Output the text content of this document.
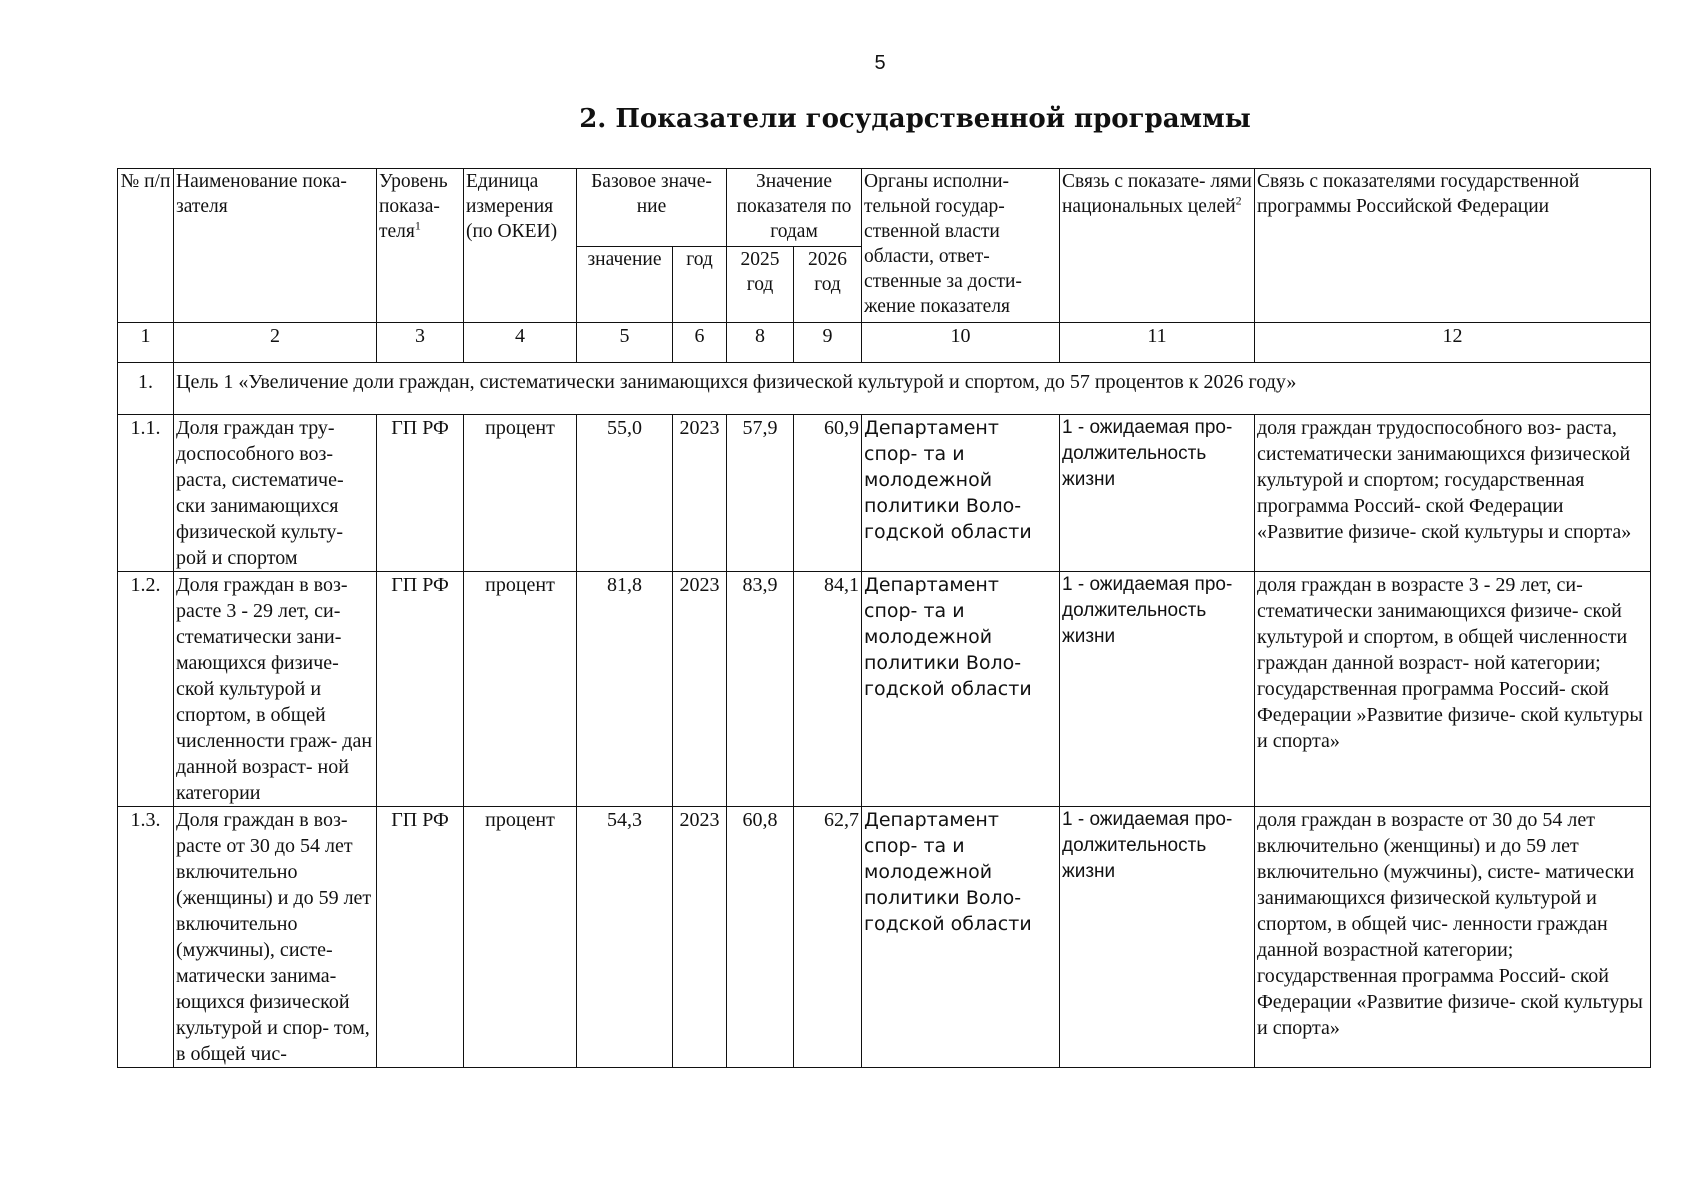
5
2. Показатели государственной программы
№ п/п	Наименование пока- зателя	Уровень показа- теля$^1$	Единица измерения (по ОКЕИ)	Базовое значе- ние		Значение показателя по годам		Органы исполни- тельной государ- ственной власти области, ответ- ственные за дости- жение показателя	Связь с показате- лями национальных целей$^2$	Связь с показателями государственной программы Российской Федерации
				значение	год	2025 год	2026 год			
1	2	3	4	5	6	8	9	10	11	12
1.	Цель 1 «Увеличение доли граждан, систематически занимающихся физической культурой и спортом, до 57 процентов к 2026 году»									
1.1.	Доля граждан тру- доспособного воз- раста, систематиче- ски занимающихся физической культу- рой и спортом	ГП РФ	процент	55,0	2023	57,9	60,9	Департамент спор- та и молодежной политики Воло- годской области	1 - ожидаемая про- должительность жизни	доля граждан трудоспособного воз- раста, систематически занимающихся физической культурой и спортом; государственная программа Россий- ской Федерации «Развитие физиче- ской культуры и спорта»
1.2.	Доля граждан в воз- расте 3 - 29 лет, си- стематически зани- мающихся физиче- ской культурой и спортом, в общей численности граж- дан данной возраст- ной категории	ГП РФ	процент	81,8	2023	83,9	84,1	Департамент спор- та и молодежной политики Воло- годской области	1 - ожидаемая про- должительность жизни	доля граждан в возрасте 3 - 29 лет, си- стематически занимающихся физиче- ской культурой и спортом, в общей численности граждан данной возраст- ной категории; государственная программа Россий- ской Федерации »Развитие физиче- ской культуры и спорта»
1.3.	Доля граждан в воз- расте от 30 до 54 лет включительно (женщины) и до 59 лет включительно (мужчины), систе- матически занима- ющихся физической культурой и спор- том, в общей чис-	ГП РФ	процент	54,3	2023	60,8	62,7	Департамент спор- та и молодежной политики Воло- годской области	1 - ожидаемая про- должительность жизни	доля граждан в возрасте от 30 до 54 лет включительно (женщины) и до 59 лет включительно (мужчины), систе- матически занимающихся физической культурой и спортом, в общей чис- ленности граждан данной возрастной категории; государственная программа Россий- ской Федерации «Развитие физиче- ской культуры и спорта»
